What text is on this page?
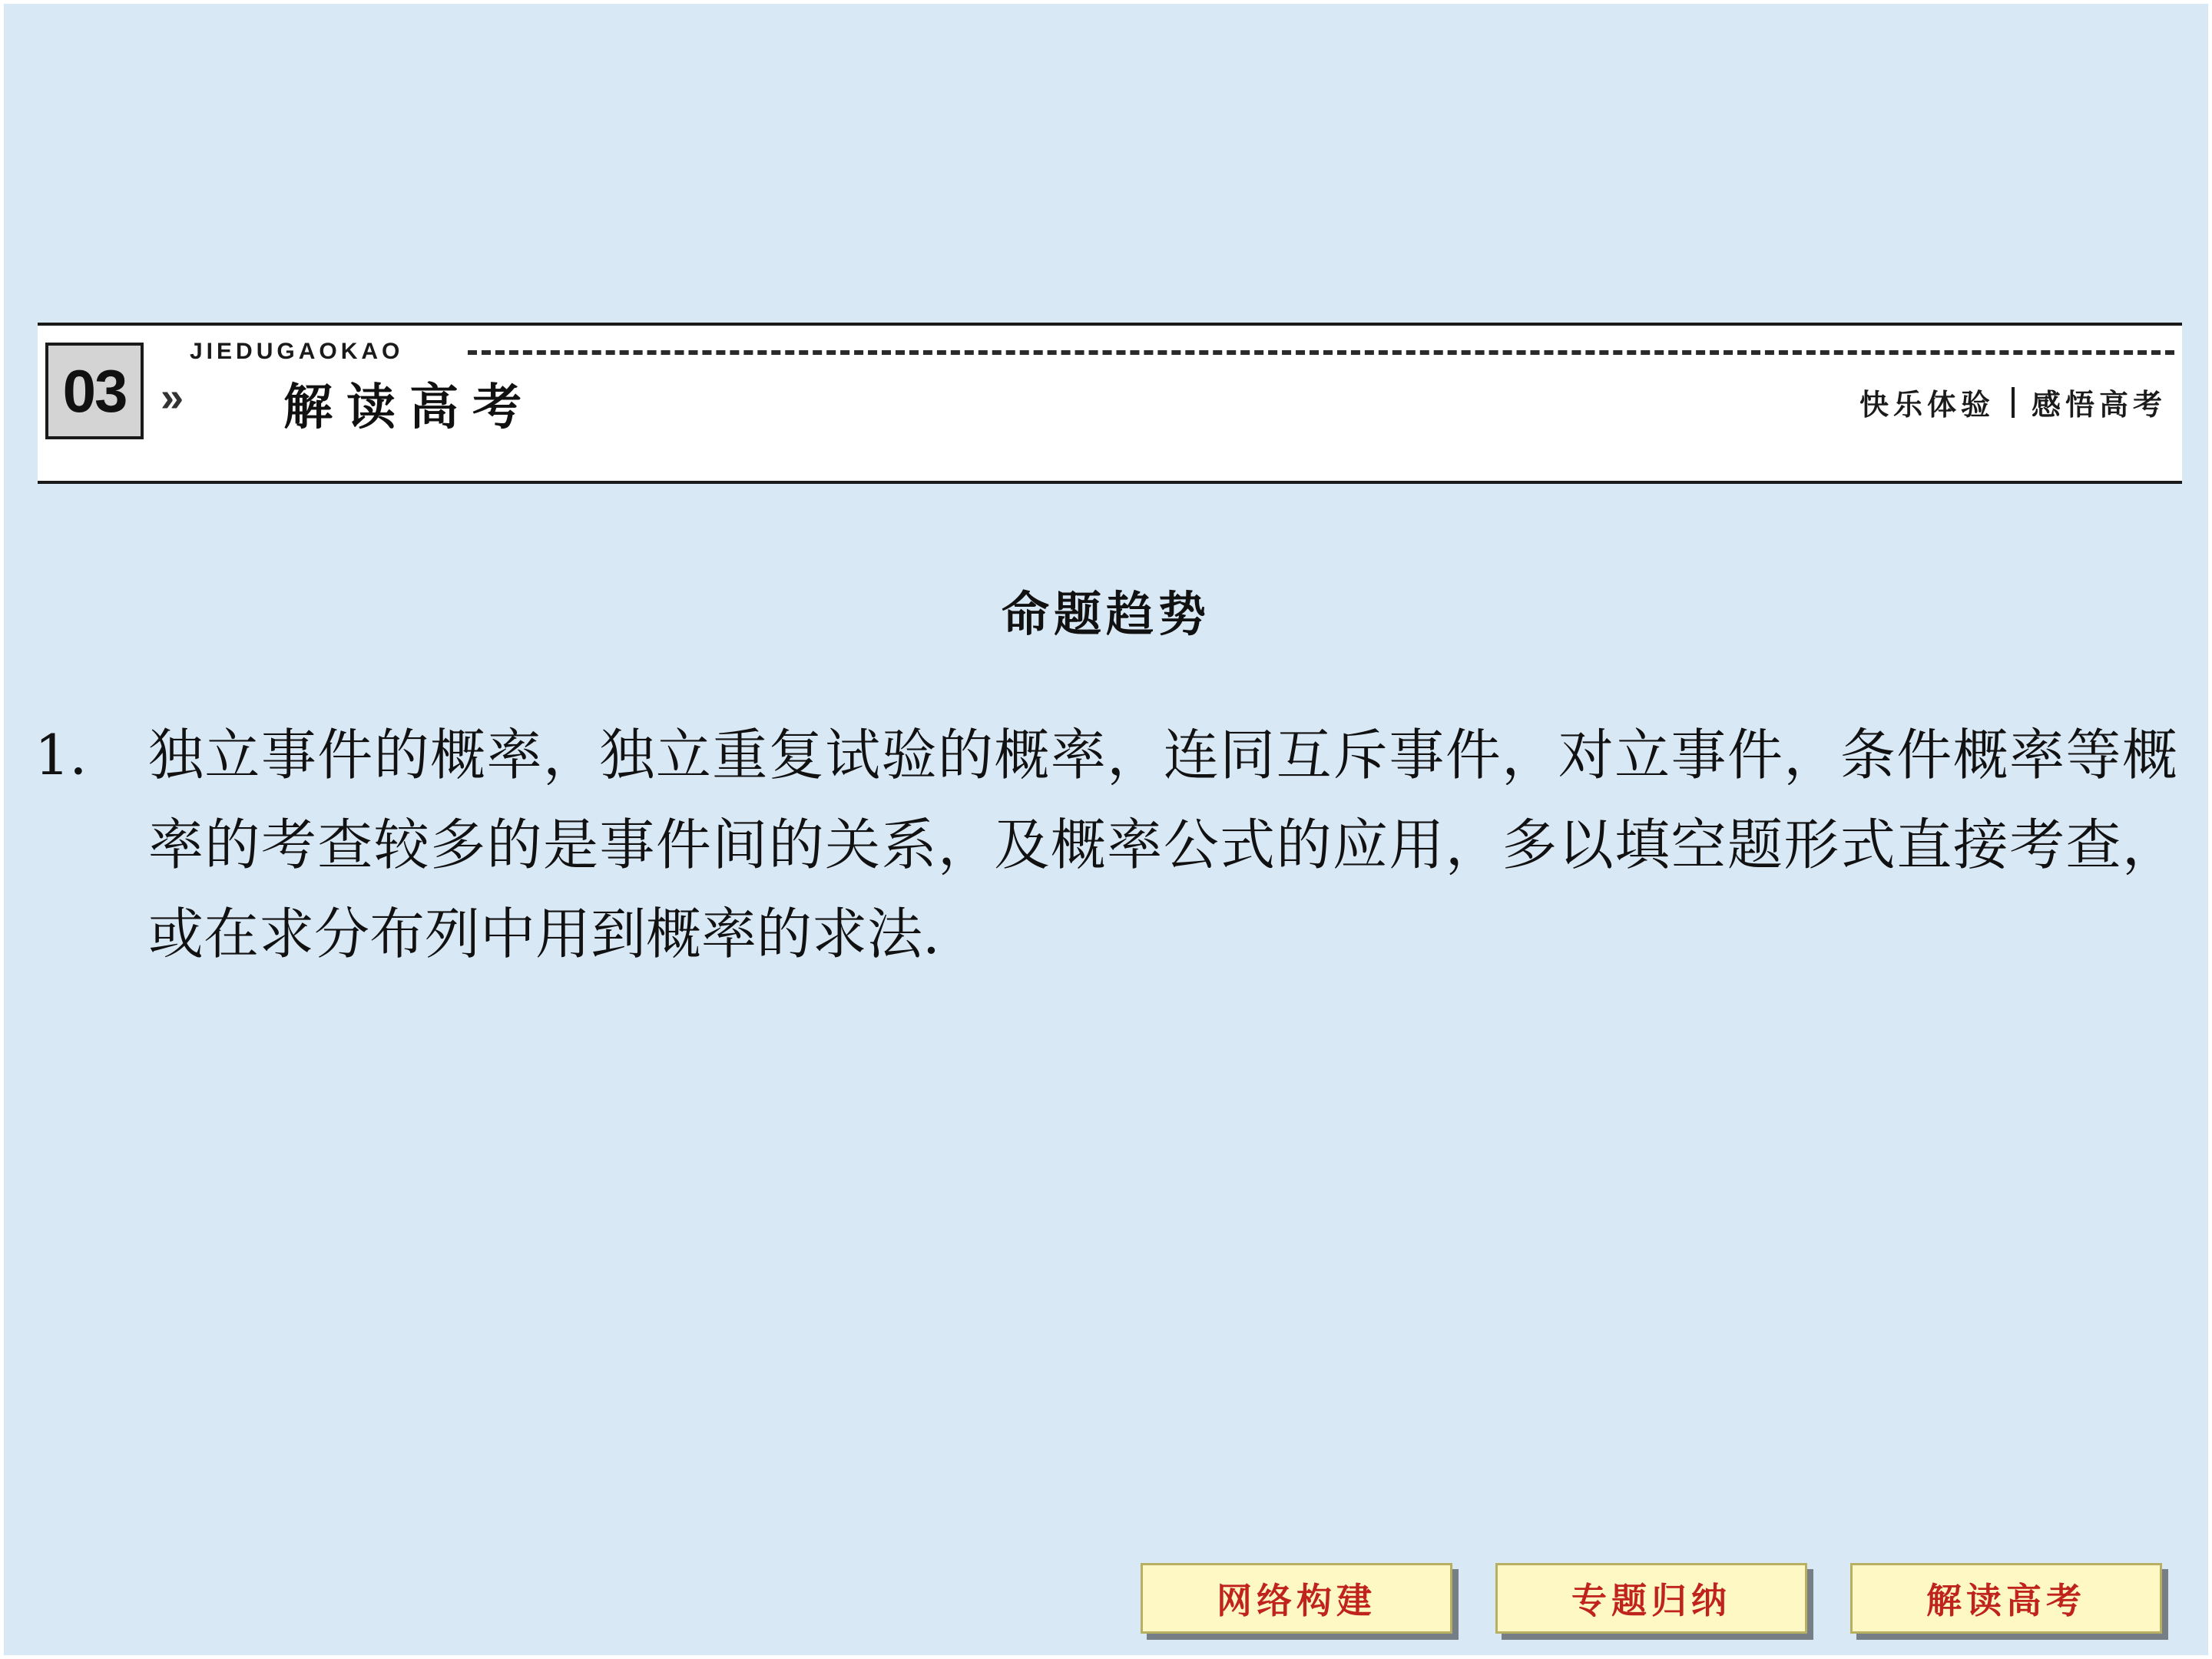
03 »
JIEDUGAOKAO
解读高考	快乐体验 感悟高考
命题趋势
1． 独立事件的概率，独立重复试验的概率，连同互斥事件，对立事件，条件概率等概率的考查较多的是事件间的关系，及概率公式的应用，多以填空题形式直接考查，或在求分布列中用到概率的求法.
网络构建	专题归纳	解读高考
